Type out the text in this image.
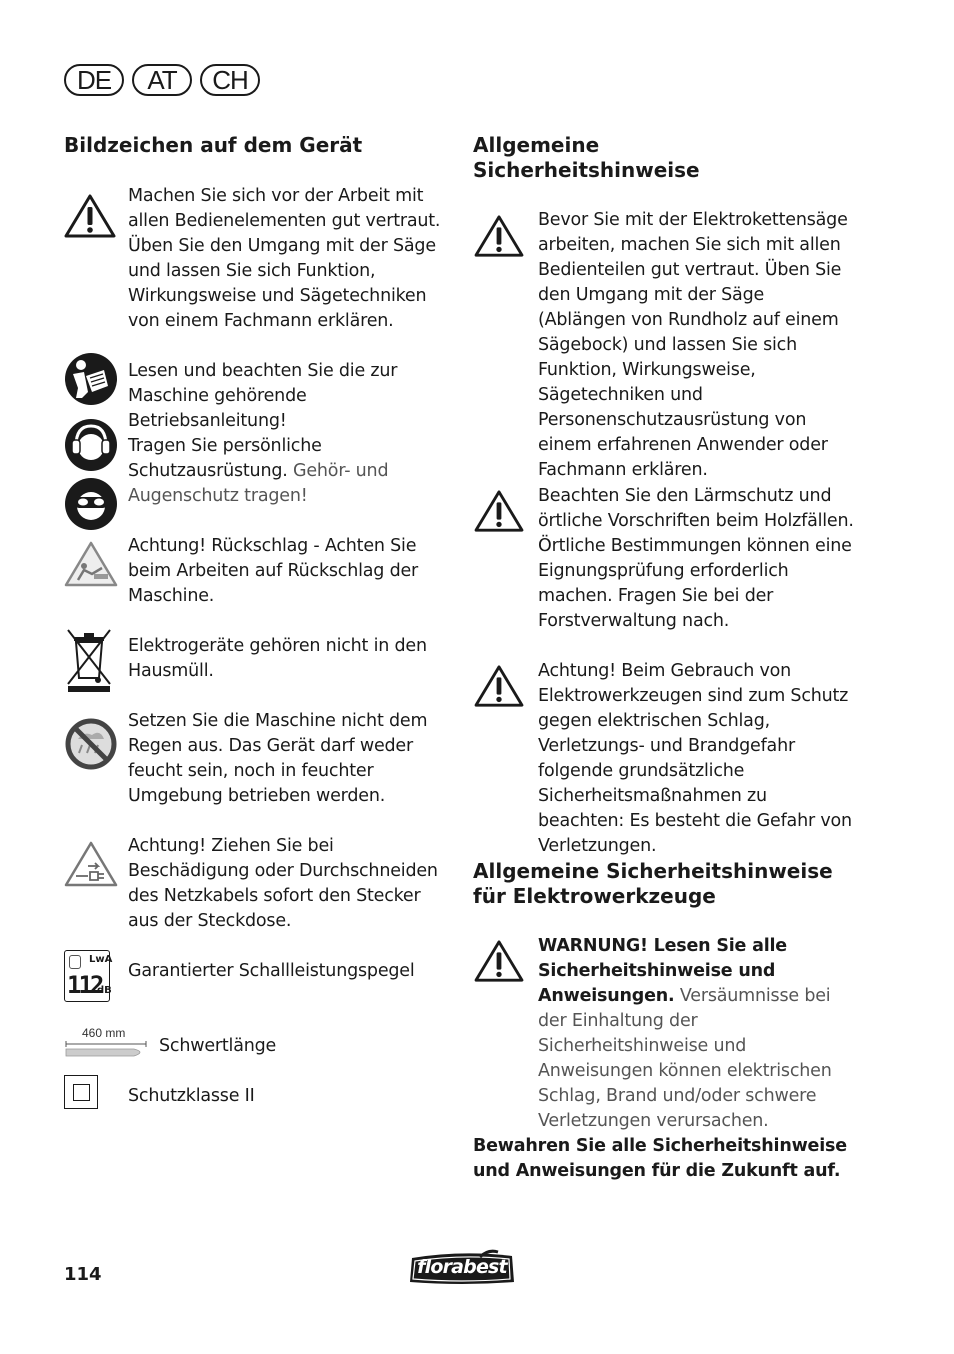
DE	AT	CH
Bildzeichen auf dem Gerät

Machen Sie sich vor der Arbeit mit allen Bedienelementen gut vertraut. Üben Sie den Umgang mit der Säge und lassen Sie sich Funktion, Wirkungsweise und Sägetechniken von einem Fachmann erklären.

Lesen und beachten Sie die zur Maschine gehörende Betriebsanleitung!

Tragen Sie persönliche Schutzausrüstung. Gehör- und Augenschutz tragen!

Achtung! Rückschlag - Achten Sie beim Arbeiten auf Rückschlag der Maschine.

Elektrogeräte gehören nicht in den Hausmüll.

Setzen Sie die Maschine nicht dem Regen aus. Das Gerät darf weder feucht sein, noch in feuchter Umgebung betrieben werden.

Achtung! Ziehen Sie bei Beschädigung oder Durchschneiden des Netzkabels sofort den Stecker aus der Steckdose.

LwA
112
dB

Garantierter Schallleistungspegel

460 mm

Schwertlänge

Schutzklasse II

Allgemeine Sicherheitshinweise

Bevor Sie mit der Elektrokettensäge arbeiten, machen Sie sich mit allen Bedienteilen gut vertraut. Üben Sie den Umgang mit der Säge (Ablängen von Rundholz auf einem Sägebock) und lassen Sie sich Funktion, Wirkungsweise, Sägetechniken und Personenschutzausrüstung von einem erfahrenen Anwender oder Fachmann erklären.

Beachten Sie den Lärmschutz und örtliche Vorschriften beim Holzfällen. Örtliche Bestimmungen können eine Eignungsprüfung erforderlich machen. Fragen Sie bei der Forstverwaltung nach.

Achtung! Beim Gebrauch von Elektrowerkzeugen sind zum Schutz gegen elektrischen Schlag, Verletzungs- und Brandgefahr folgende grundsätzliche Sicherheitsmaßnahmen zu beachten: Es besteht die Gefahr von Verletzungen.

Allgemeine Sicherheitshinweise für Elektrowerkzeuge

WARNUNG! Lesen Sie alle Sicherheitshinweise und Anweisungen. Versäumnisse bei der Einhaltung der Sicherheitshinweise und Anweisungen können elektrischen Schlag, Brand und/oder schwere Verletzungen verursachen.

Bewahren Sie alle Sicherheitshinweise und Anweisungen für die Zukunft auf.

114	florabest
